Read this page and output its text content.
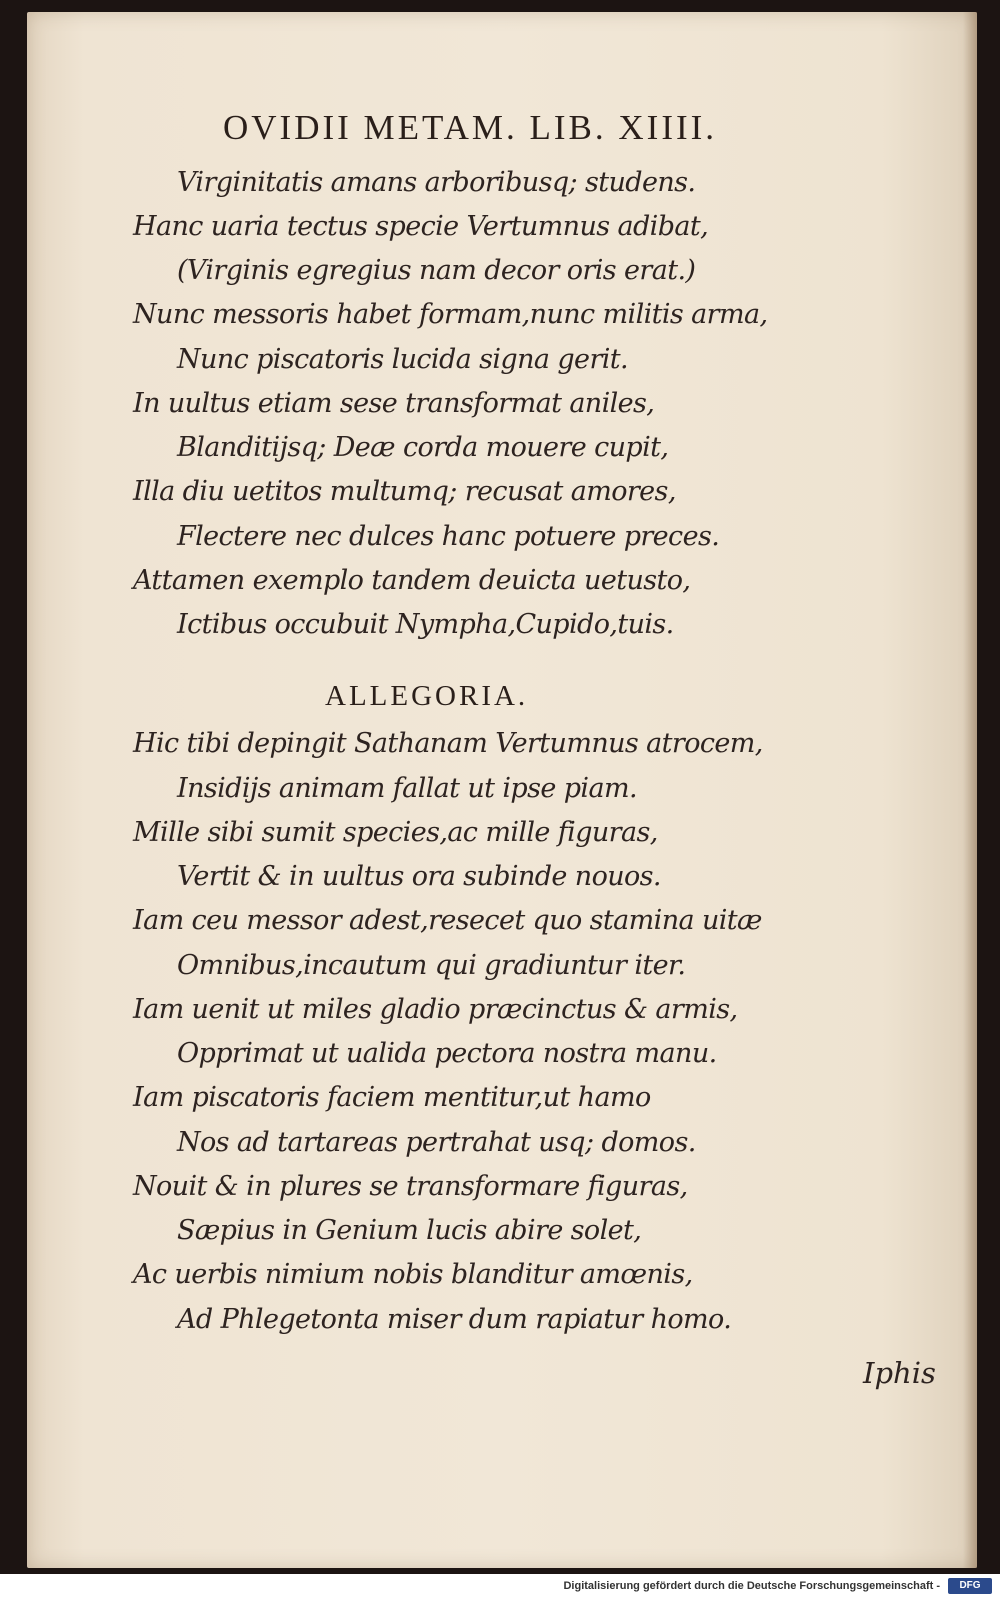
OVIDII METAM. LIB. XIIII.
Virginitatis amans arboribusq; studens.
Hanc uaria tectus specie Vertumnus adibat,
(Virginis egregius nam decor oris erat.)
Nunc messoris habet formam,nunc militis arma,
Nunc piscatoris lucida signa gerit.
In uultus etiam sese transformat aniles,
Blanditijsq; Deæ corda mouere cupit,
Illa diu uetitos multumq; recusat amores,
Flectere nec dulces hanc potuere preces.
Attamen exemplo tandem deuicta uetusto,
Ictibus occubuit Nympha,Cupido,tuis.
ALLEGORIA.
Hic tibi depingit Sathanam Vertumnus atrocem,
Insidijs animam fallat ut ipse piam.
Mille sibi sumit species,ac mille figuras,
Vertit & in uultus ora subinde nouos.
Iam ceu messor adest,resecet quo stamina uitæ
Omnibus,incautum qui gradiuntur iter.
Iam uenit ut miles gladio præcinctus & armis,
Opprimat ut ualida pectora nostra manu.
Iam piscatoris faciem mentitur,ut hamo
Nos ad tartareas pertrahat usq; domos.
Nouit & in plures se transformare figuras,
Sæpius in Genium lucis abire solet,
Ac uerbis nimium nobis blanditur amœnis,
Ad Phlegetonta miser dum rapiatur homo.
Iphis
Digitalisierung gefördert durch die Deutsche Forschungsgemeinschaft -	DFG
